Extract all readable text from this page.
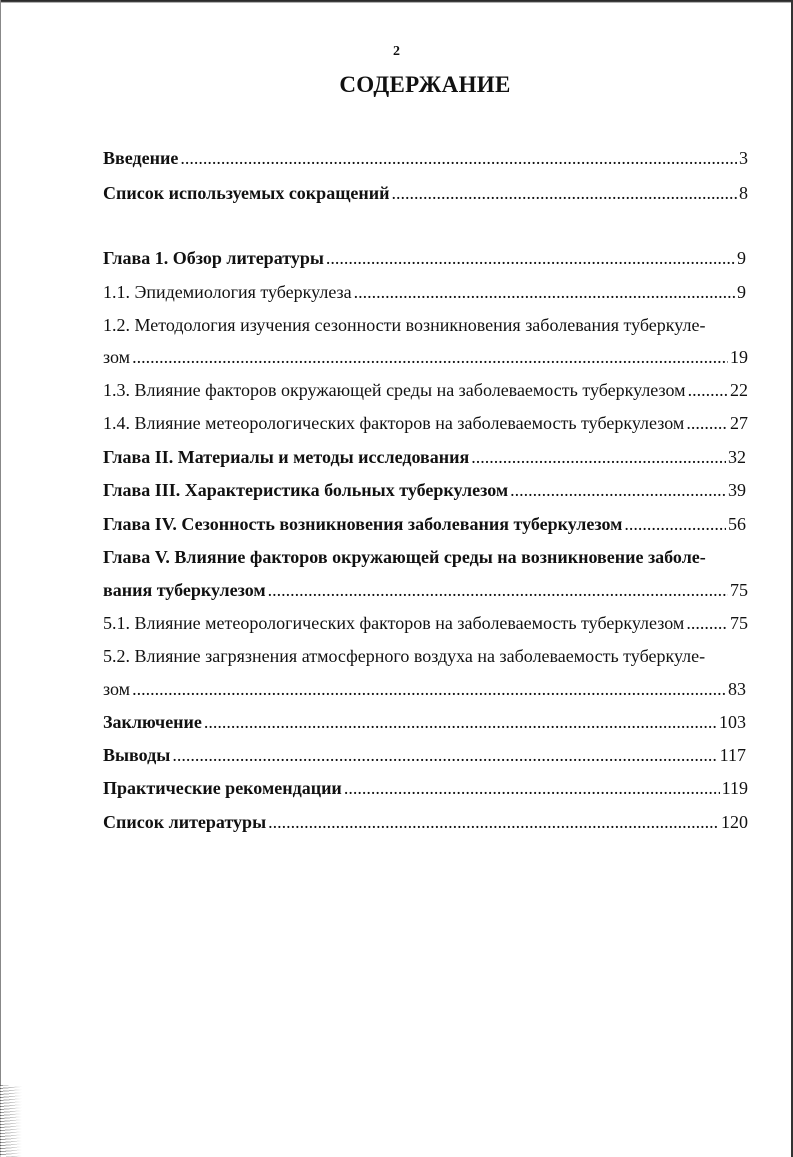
2
СОДЕРЖАНИЕ
Введение .....	3
Список используемых сокращений .....	8
Глава 1. Обзор литературы .....	9
1.1. Эпидемиология туберкулеза .....	9
1.2. Методология изучения сезонности возникновения заболевания туберкуле-
зом .....	19
1.3. Влияние факторов окружающей среды на заболеваемость туберкулезом ..... 22
1.4. Влияние метеорологических факторов на заболеваемость туберкулезом .....	27
Глава II. Материалы и методы исследования .....	32
Глава III. Характеристика больных туберкулезом .....	39
Глава IV. Сезонность возникновения заболевания туберкулезом .....	56
Глава V. Влияние факторов окружающей среды на возникновение заболе-
вания туберкулезом .....	75
5.1. Влияние метеорологических факторов на заболеваемость туберкулезом .....	75
5.2. Влияние загрязнения атмосферного воздуха на заболеваемость туберкуле-
зом .....	83
Заключение .....	103
Выводы .....	117
Практические рекомендации .....	119
Список литературы .....	120
